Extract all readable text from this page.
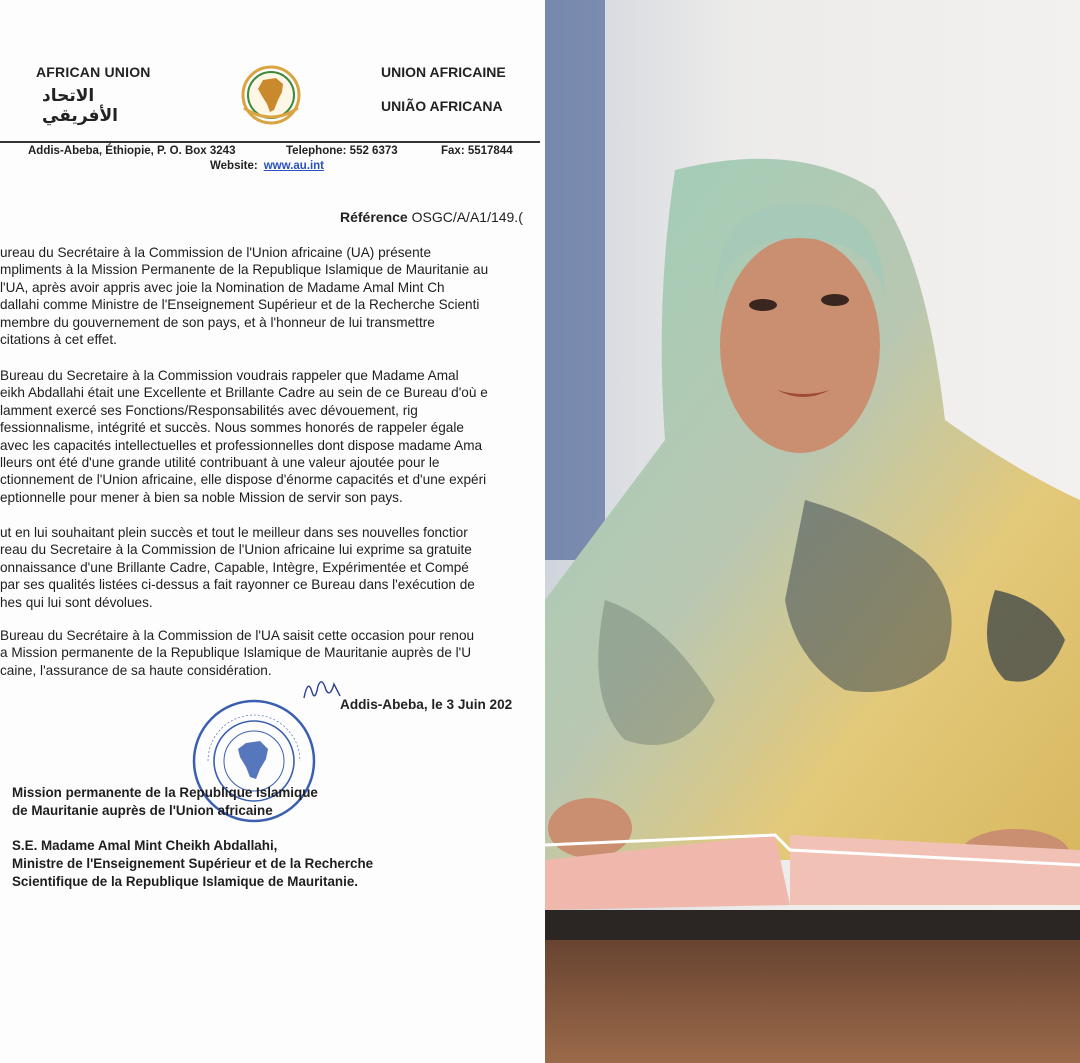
AFRICAN UNION
الاتحاد الأفريقي
UNION AFRICAINE
UNIÃO AFRICANA
Addis-Abeba, Éthiopie, P. O. Box 3243	Telephone: 552 6373	Fax: 5517844
Website: www.au.int
Référence OSGC/A/A1/149.(
ureau du Secrétaire à la Commission de l'Union africaine (UA) présente
mpliments à la Mission Permanente de la Republique Islamique de Mauritanie au
l'UA, après avoir appris avec joie la Nomination de Madame Amal Mint Ch
dallahi comme Ministre de l'Enseignement Supérieur et de la Recherche Scienti
membre du gouvernement de son pays, et à l'honneur de lui transmettre
citations à cet effet.
Bureau du Secretaire à la Commission voudrais rappeler que Madame Amal
eikh Abdallahi était une Excellente et Brillante Cadre au sein de ce Bureau d'où e
lamment exercé ses Fonctions/Responsabilités avec dévouement, rig
fessionnalisme, intégrité et succès. Nous sommes honorés de rappeler égale
avec les capacités intellectuelles et professionnelles dont dispose madame Ama
lleurs ont été d'une grande utilité contribuant à une valeur ajoutée pour le
ctionnement de l'Union africaine, elle dispose d'énorme capacités et d'une expéri
eptionnelle pour mener à bien sa noble Mission de servir son pays.
ut en lui souhaitant plein succès et tout le meilleur dans ses nouvelles fonctior
reau du Secretaire à la Commission de l'Union africaine lui exprime sa gratuite
onnaissance d'une Brillante Cadre, Capable, Intègre, Expérimentée et Compé
par ses qualités listées ci-dessus a fait rayonner ce Bureau dans l'exécution de
hes qui lui sont dévolues.
Bureau du Secrétaire à la Commission de l'UA saisit cette occasion pour renou
a Mission permanente de la Republique Islamique de Mauritanie auprès de l'U
caine, l'assurance de sa haute considération.
Addis-Abeba, le 3 Juin 202
Mission permanente de la Republique Islamique
de Mauritanie auprès de l'Union africaine
S.E. Madame Amal Mint Cheikh Abdallahi,
Ministre de l'Enseignement Supérieur et de la Recherche
Scientifique de la Republique Islamique de Mauritanie.
